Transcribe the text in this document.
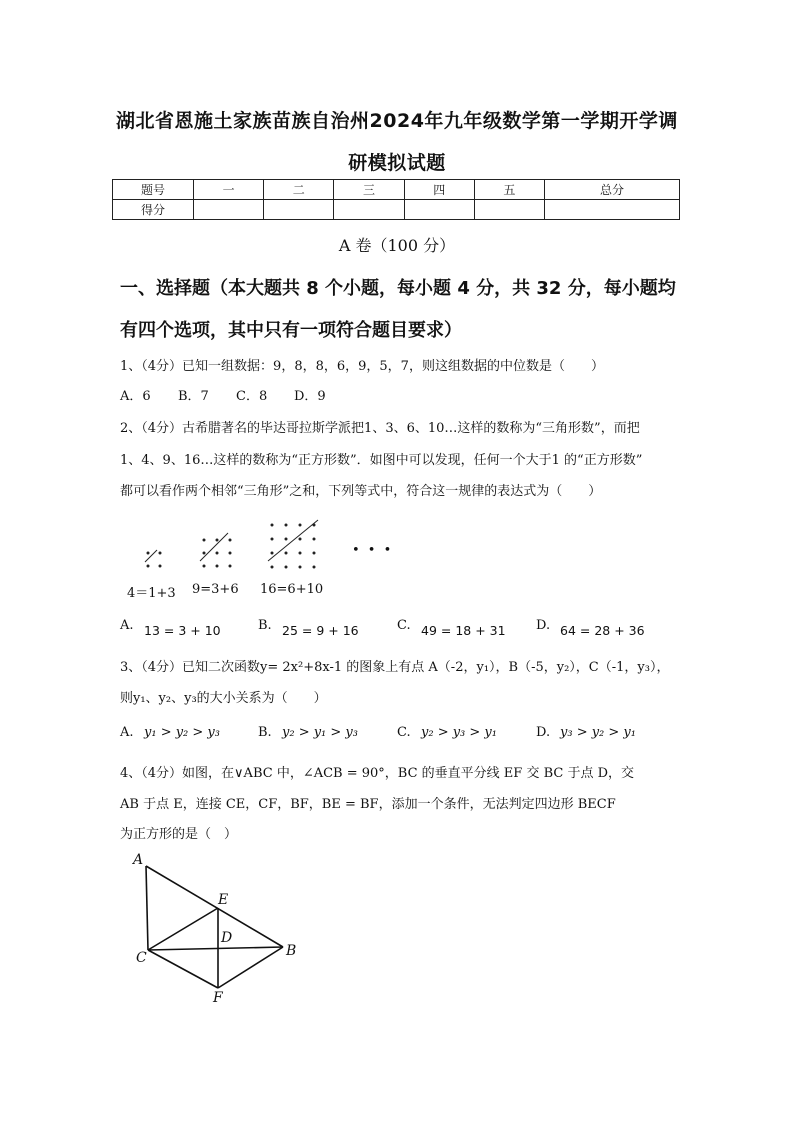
湖北省恩施土家族苗族自治州2024年九年级数学第一学期开学调
研模拟试题
题号	一	二	三	四	五	总分
得分						
A 卷（100 分）
一、选择题（本大题共 8 个小题，每小题 4 分，共 32 分，每小题均
有四个选项，其中只有一项符合题目要求）
1、（4分）已知一组数据：9，8，8，6，9，5，7，则这组数据的中位数是（　　）
A．6 B．7 C．8 D．9
2、（4分）古希腊著名的毕达哥拉斯学派把1、3、6、10…这样的数称为“三角形数”，而把
1、4、9、16…这样的数称为“正方形数”．如图中可以发现，任何一个大于1 的“正方形数”
都可以看作两个相邻“三角形”之和，下列等式中，符合这一规律的表达式为（　　）
4＝1+3 9=3+6 16=6+10
• • •
A. 13 = 3 + 10	B. 25 = 9 + 16	C. 49 = 18 + 31 D. 64 = 28 + 36
3、（4分）已知二次函数y= 2x²+8x-1 的图象上有点 A（-2，y₁），B（-5，y₂），C（-1，y₃），
则y₁、y₂、y₃的大小关系为（　　）
A. y₁ > y₂ > y₃	B. y₂ > y₁ > y₃	C. y₂ > y₃ > y₁	D. y₃ > y₂ > y₁
4、（4分）如图，在∨ABC 中，∠ACB = 90°，BC 的垂直平分线 EF 交 BC 于点 D，交
AB 于点 E，连接 CE，CF，BF，BE = BF，添加一个条件，无法判定四边形 BECF
为正方形的是（　）
A
E
D
C	B
F
